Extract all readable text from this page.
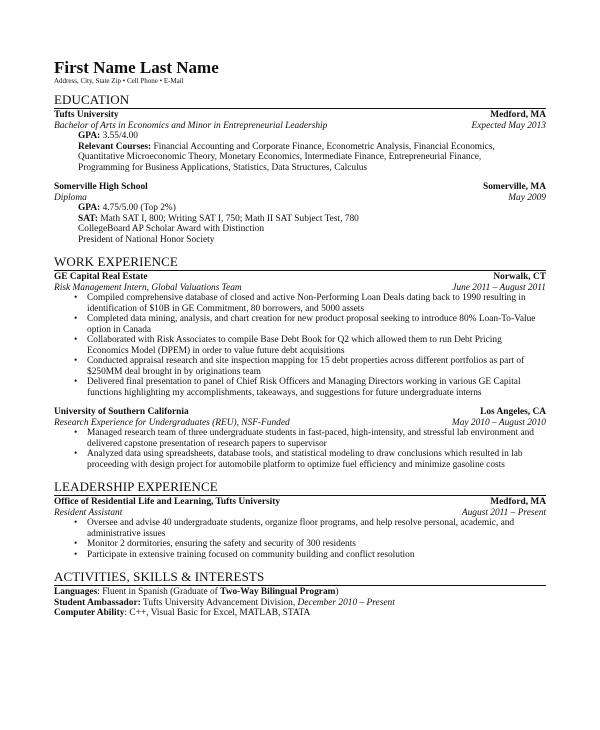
First Name Last Name

Address, City, State Zip • Cell Phone • E-Mail

EDUCATION
Tufts University	Medford, MA
Bachelor of Arts in Economics and Minor in Entrepreneurial Leadership	Expected May 2013
GPA: 3.55/4.00
Relevant Courses: Financial Accounting and Corporate Finance, Econometric Analysis, Financial Economics,
Quantitative Microeconomic Theory, Monetary Economics, Intermediate Finance, Entrepreneurial Finance,
Programming for Business Applications, Statistics, Data Structures, Calculus
Somerville High School	Somerville, MA
Diploma	May 2009
GPA: 4.75/5.00 (Top 2%)
SAT: Math SAT I, 800; Writing SAT I, 750; Math II SAT Subject Test, 780
CollegeBoard AP Scholar Award with Distinction
President of National Honor Society
WORK EXPERIENCE
GE Capital Real Estate	Norwalk, CT
Risk Management Intern, Global Valuations Team	June 2011 – August 2011
• Compiled comprehensive database of closed and active Non-Performing Loan Deals dating back to 1990 resulting in identification of $10B in GE Commitment, 80 borrowers, and 5000 assets
• Completed data mining, analysis, and chart creation for new product proposal seeking to introduce 80% Loan-To-Value option in Canada
• Collaborated with Risk Associates to compile Base Debt Book for Q2 which allowed them to run Debt Pricing Economics Model (DPEM) in order to value future debt acquisitions
• Conducted appraisal research and site inspection mapping for 15 debt properties across different portfolios as part of $250MM deal brought in by originations team
• Delivered final presentation to panel of Chief Risk Officers and Managing Directors working in various GE Capital functions highlighting my accomplishments, takeaways, and suggestions for future undergraduate interns
University of Southern California	Los Angeles, CA
Research Experience for Undergraduates (REU), NSF-Funded	May 2010 – August 2010
• Managed research team of three undergraduate students in fast-paced, high-intensity, and stressful lab environment and delivered capstone presentation of research papers to supervisor
• Analyzed data using spreadsheets, database tools, and statistical modeling to draw conclusions which resulted in lab proceeding with design project for automobile platform to optimize fuel efficiency and minimize gasoline costs
LEADERSHIP EXPERIENCE
Office of Residential Life and Learning, Tufts University	Medford, MA
Resident Assistant	August 2011 – Present
• Oversee and advise 40 undergraduate students, organize floor programs, and help resolve personal, academic, and administrative issues
• Monitor 2 dormitories, ensuring the safety and security of 300 residents
• Participate in extensive training focused on community building and conflict resolution
ACTIVITIES, SKILLS & INTERESTS
Languages: Fluent in Spanish (Graduate of Two-Way Bilingual Program)
Student Ambassador: Tufts University Advancement Division, December 2010 – Present
Computer Ability: C++, Visual Basic for Excel, MATLAB, STATA
